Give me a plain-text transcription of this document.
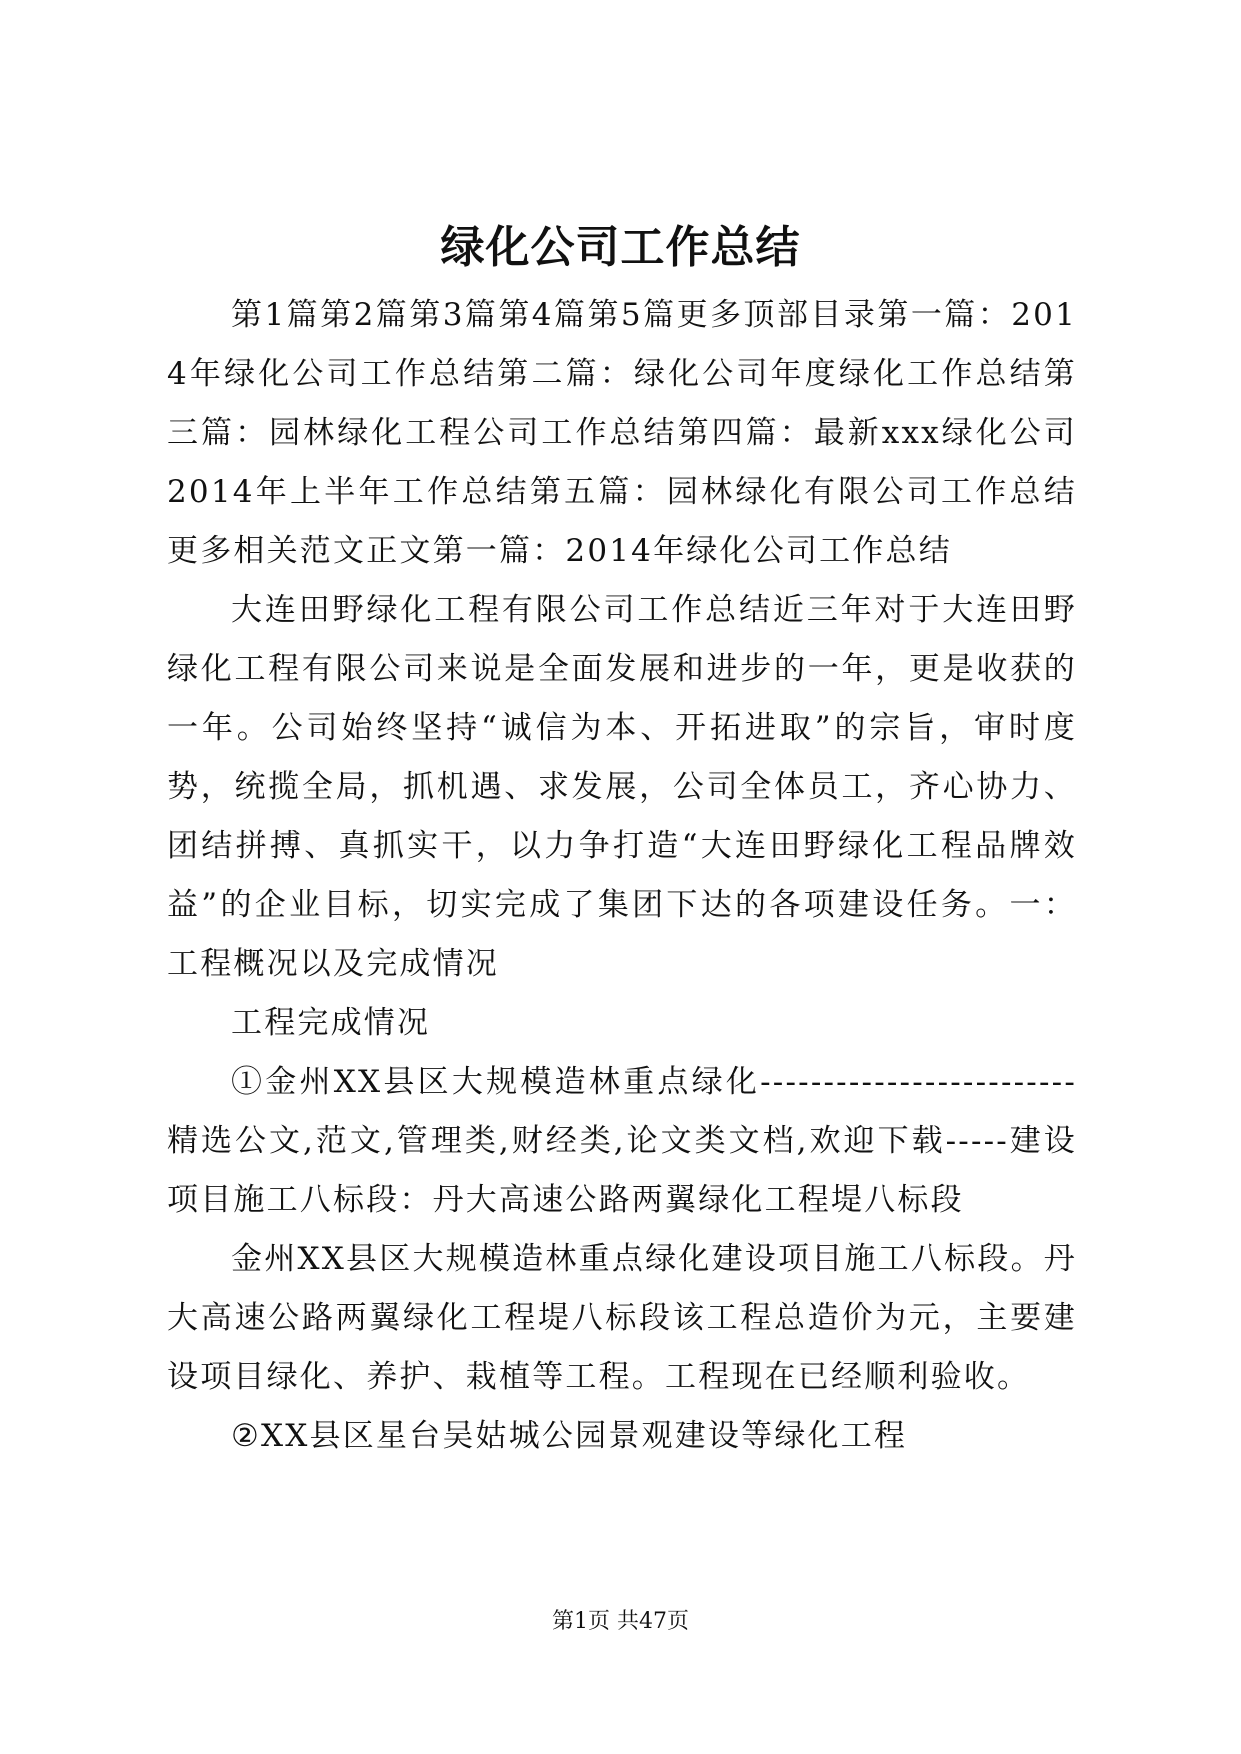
绿化公司工作总结

第1篇第2篇第3篇第4篇第5篇更多顶部目录第一篇：2014年绿化公司工作总结第二篇：绿化公司年度绿化工作总结第三篇：园林绿化工程公司工作总结第四篇：最新xxx绿化公司2014年上半年工作总结第五篇：园林绿化有限公司工作总结更多相关范文正文第一篇：2014年绿化公司工作总结

大连田野绿化工程有限公司工作总结近三年对于大连田野绿化工程有限公司来说是全面发展和进步的一年，更是收获的一年。公司始终坚持“诚信为本、开拓进取”的宗旨，审时度势，统揽全局，抓机遇、求发展，公司全体员工，齐心协力、团结拼搏、真抓实干，以力争打造“大连田野绿化工程品牌效益”的企业目标，切实完成了集团下达的各项建设任务。一：工程概况以及完成情况

工程完成情况

①金州XX县区大规模造林重点绿化-------------------------精选公文,范文,管理类,财经类,论文类文档,欢迎下载-----建设项目施工八标段：丹大高速公路两翼绿化工程堤八标段

金州XX县区大规模造林重点绿化建设项目施工八标段。丹大高速公路两翼绿化工程堤八标段该工程总造价为元，主要建设项目绿化、养护、栽植等工程。工程现在已经顺利验收。

②XX县区星台吴姑城公园景观建设等绿化工程

第1页 共47页
